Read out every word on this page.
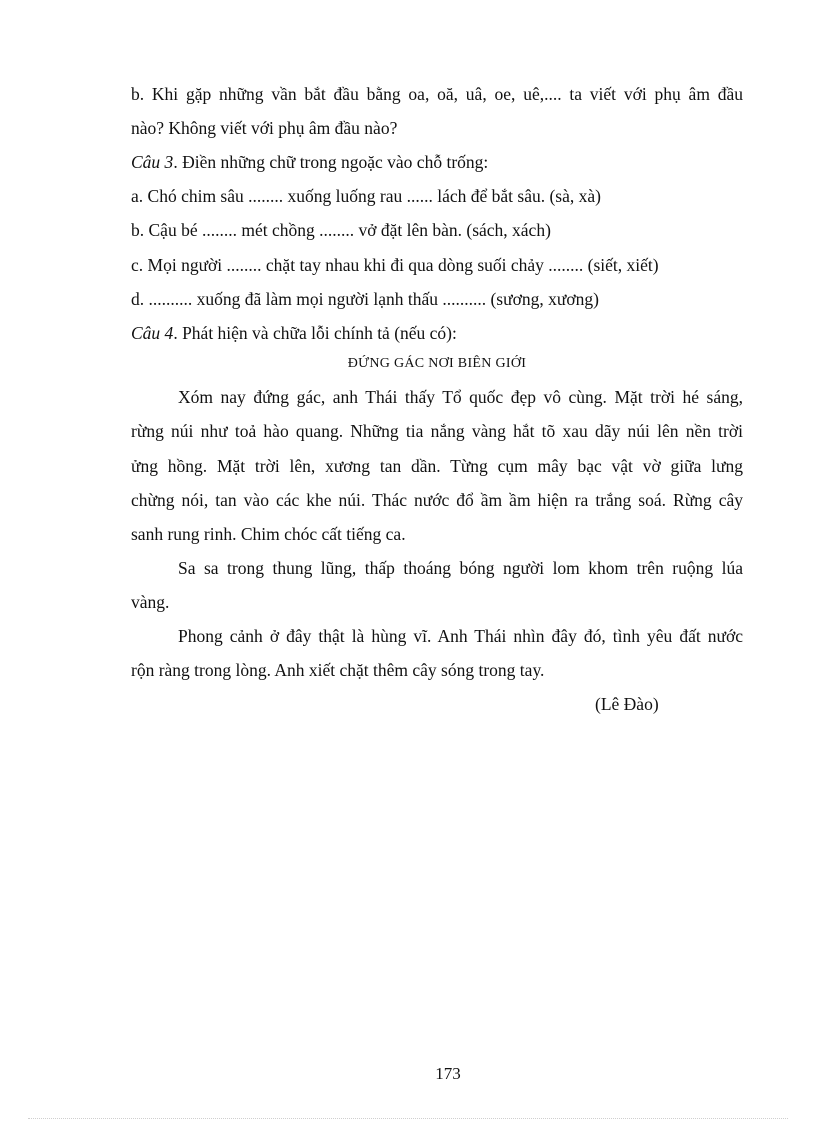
b. Khi gặp những vần bắt đầu bằng oa, oă, uâ, oe, uê,.... ta viết với phụ âm đầu
nào? Không viết với phụ âm đầu nào?
Câu 3. Điền những chữ trong ngoặc vào chỗ trống:
a. Chó chim sâu ........ xuống luống rau ...... lách để bắt sâu. (sà, xà)
b. Cậu bé ........ mét chồng ........ vở đặt lên bàn. (sách, xách)
c. Mọi người ........ chặt tay nhau khi đi qua dòng suối chảy ........ (siết, xiết)
d. .......... xuống đã làm mọi người lạnh thấu .......... (sương, xương)
Câu 4. Phát hiện và chữa lỗi chính tả (nếu có):
ĐỨNG GÁC NƠI BIÊN GIỚI
Xóm nay đứng gác, anh Thái thấy Tổ quốc đẹp vô cùng. Mặt trời hé sáng,
rừng núi như toả hào quang. Những tia nắng vàng hắt tõ xau dãy núi lên nền trời
ửng hồng. Mặt trời lên, xương tan dần. Từng cụm mây bạc vật vờ giữa lưng
chừng nói, tan vào các khe núi. Thác nước đổ ầm ầm hiện ra trắng soá. Rừng cây
sanh rung rinh. Chim chóc cất tiếng ca.
Sa sa trong thung lũng, thấp thoáng bóng người lom khom trên ruộng lúa
vàng.
Phong cảnh ở đây thật là hùng vĩ. Anh Thái nhìn đây đó, tình yêu đất nước
rộn ràng trong lòng. Anh xiết chặt thêm cây sóng trong tay.
(Lê Đào)
173
